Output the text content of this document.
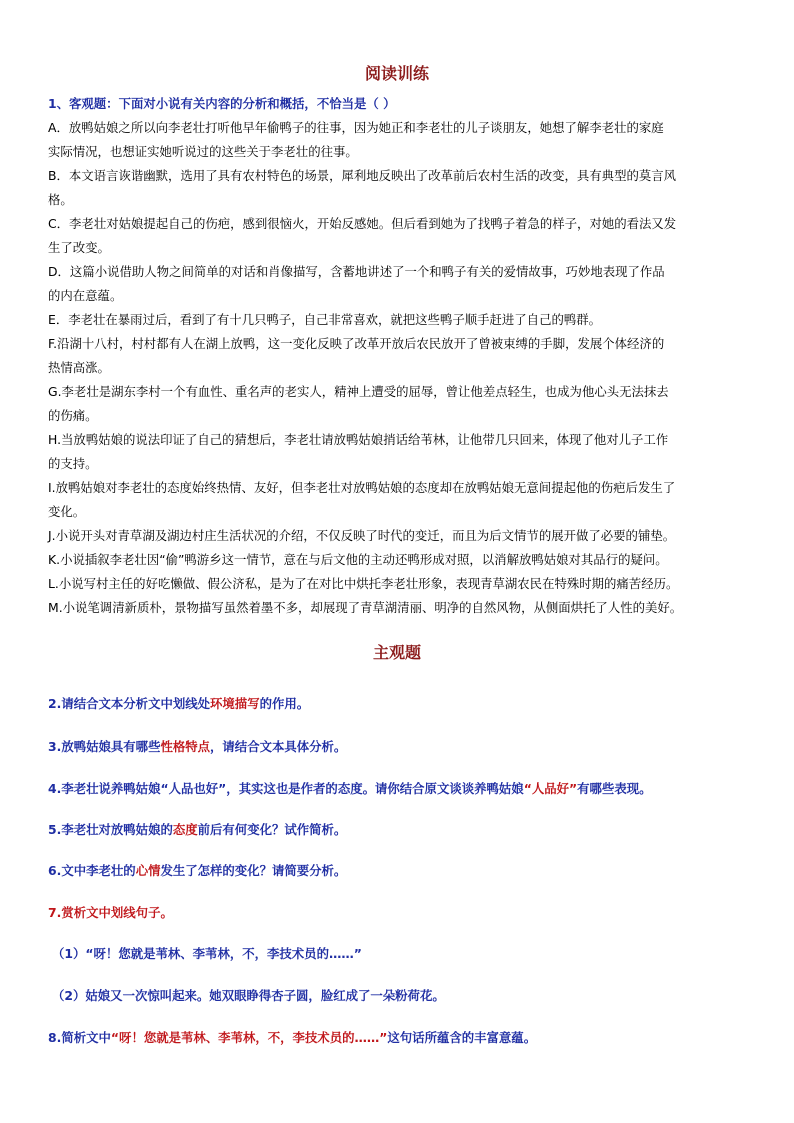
阅读训练
1、客观题：下面对小说有关内容的分析和概括，不恰当是（ ）
A．放鸭姑娘之所以向李老壮打听他早年偷鸭子的往事，因为她正和李老壮的儿子谈朋友，她想了解李老壮的家庭
实际情况，也想证实她听说过的这些关于李老壮的往事。
B．本文语言诙谐幽默，选用了具有农村特色的场景，犀利地反映出了改革前后农村生活的改变，具有典型的莫言风
格。
C．李老壮对姑娘提起自己的伤疤，感到很恼火，开始反感她。但后看到她为了找鸭子着急的样子，对她的看法又发
生了改变。
D．这篇小说借助人物之间简单的对话和肖像描写，含蓄地讲述了一个和鸭子有关的爱情故事，巧妙地表现了作品
的内在意蕴。
E．李老壮在暴雨过后，看到了有十几只鸭子，自己非常喜欢，就把这些鸭子顺手赶进了自己的鸭群。
F.沿湖十八村，村村都有人在湖上放鸭，这一变化反映了改革开放后农民放开了曾被束缚的手脚，发展个体经济的
热情高涨。
G.李老壮是湖东李村一个有血性、重名声的老实人，精神上遭受的屈辱，曾让他差点轻生，也成为他心头无法抹去
的伤痛。
H.当放鸭姑娘的说法印证了自己的猜想后，李老壮请放鸭姑娘捎话给苇林，让他带几只回来，体现了他对儿子工作
的支持。
I.放鸭姑娘对李老壮的态度始终热情、友好，但李老壮对放鸭姑娘的态度却在放鸭姑娘无意间提起他的伤疤后发生了
变化。
J.小说开头对青草湖及湖边村庄生活状况的介绍，不仅反映了时代的变迁，而且为后文情节的展开做了必要的铺垫。
K.小说插叙李老壮因“偷”鸭游乡这一情节，意在与后文他的主动还鸭形成对照，以消解放鸭姑娘对其品行的疑问。
L.小说写村主任的好吃懒做、假公济私，是为了在对比中烘托李老壮形象，表现青草湖农民在特殊时期的痛苦经历。
M.小说笔调清新质朴，景物描写虽然着墨不多，却展现了青草湖清丽、明净的自然风物，从侧面烘托了人性的美好。
主观题
2.请结合文本分析文中划线处环境描写的作用。
3.放鸭姑娘具有哪些性格特点，请结合文本具体分析。
4.李老壮说养鸭姑娘“人品也好”，其实这也是作者的态度。请你结合原文谈谈养鸭姑娘“人品好”有哪些表现。
5.李老壮对放鸭姑娘的态度前后有何变化？试作简析。
6.文中李老壮的心情发生了怎样的变化？请简要分析。
7.赏析文中划线句子。
（1）“呀！您就是苇林、李苇林，不，李技术员的……”
（2）姑娘又一次惊叫起来。她双眼睁得杏子圆，脸红成了一朵粉荷花。
8.简析文中“呀！您就是苇林、李苇林，不，李技术员的……”这句话所蕴含的丰富意蕴。
